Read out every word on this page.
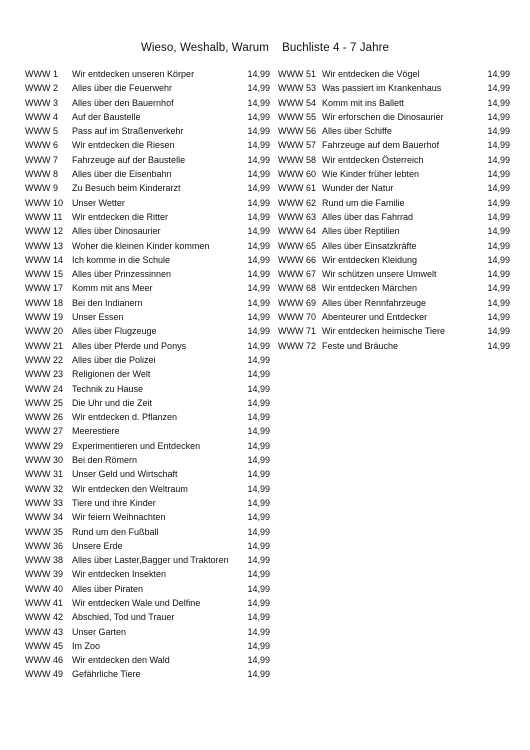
Wieso, Weshalb, Warum Buchliste 4 - 7 Jahre
WWW 1 Wir entdecken unseren Körper	14,99
WWW 2 Alles über die Feuerwehr	14,99
WWW 3 Alles über den Bauernhof	14,99
WWW 4 Auf der Baustelle	14,99
WWW 5 Pass auf im Straßenverkehr	14,99
WWW 6 Wir entdecken die Riesen	14,99
WWW 7 Fahrzeuge auf der Baustelle	14,99
WWW 8 Alles über die Eisenbahn	14,99
WWW 9 Zu Besuch beim Kinderarzt	14,99
WWW 10 Unser Wetter	14,99
WWW 11 Wir entdecken die Ritter	14,99
WWW 12 Alles über Dinosaurier	14,99
WWW 13 Woher die kleinen Kinder kommen	14,99
WWW 14 Ich komme in die Schule	14,99
WWW 15 Alles über Prinzessinnen	14,99
WWW 17 Komm mit ans Meer	14,99
WWW 18 Bei den Indianern	14,99
WWW 19 Unser Essen	14,99
WWW 20 Alles über Flugzeuge	14,99
WWW 21 Alles über Pferde und Ponys	14,99
WWW 22 Alles über die Polizei	14,99
WWW 23 Religionen der Welt	14,99
WWW 24 Technik zu Hause	14,99
WWW 25 Die Uhr und die Zeit	14,99
WWW 26 Wir entdecken d. Pflanzen	14,99
WWW 27 Meerestiere	14,99
WWW 29 Experimentieren und Entdecken	14,99
WWW 30 Bei den Römern	14,99
WWW 31 Unser Geld und Wirtschaft	14,99
WWW 32 Wir entdecken den Weltraum	14,99
WWW 33 Tiere und ihre Kinder	14,99
WWW 34 Wir feiern Weihnachten	14,99
WWW 35 Rund um den Fußball	14,99
WWW 36 Unsere Erde	14,99
WWW 38 Alles über Laster,Bagger und Traktoren 14,99
WWW 39 Wir entdecken Insekten	14,99
WWW 40 Alles über Piraten	14,99
WWW 41 Wir entdecken Wale und Delfine	14,99
WWW 42 Abschied, Tod und Trauer	14,99
WWW 43 Unser Garten	14,99
WWW 45 Im Zoo	14,99
WWW 46 Wir entdecken den Wald	14,99
WWW 49 Gefährliche Tiere	14,99
WWW 51 Wir entdecken die Vögel	14,99
WWW 53 Was passiert im Krankenhaus	14,99
WWW 54 Komm mit ins Ballett	14,99
WWW 55 Wir erforschen die Dinosaurier	14,99
WWW 56 Alles über Schiffe	14,99
WWW 57 Fahrzeuge auf dem Bauerhof	14,99
WWW 58 Wir entdecken Österreich	14,99
WWW 60 Wie Kinder früher lebten	14,99
WWW 61 Wunder der Natur	14,99
WWW 62 Rund um die Familie	14,99
WWW 63 Alles über das Fahrrad	14,99
WWW 64 Alles über Reptilien	14,99
WWW 65 Alles über Einsatzkräfte	14,99
WWW 66 Wir entdecken Kleidung	14,99
WWW 67 Wir schützen unsere Umwelt	14,99
WWW 68 Wir entdecken Märchen	14,99
WWW 69 Alles über Rennfahrzeuge	14,99
WWW 70 Abenteurer und Entdecker	14,99
WWW 71 Wir entdecken heimische Tiere	14,99
WWW 72 Feste und Bräuche	14,99
